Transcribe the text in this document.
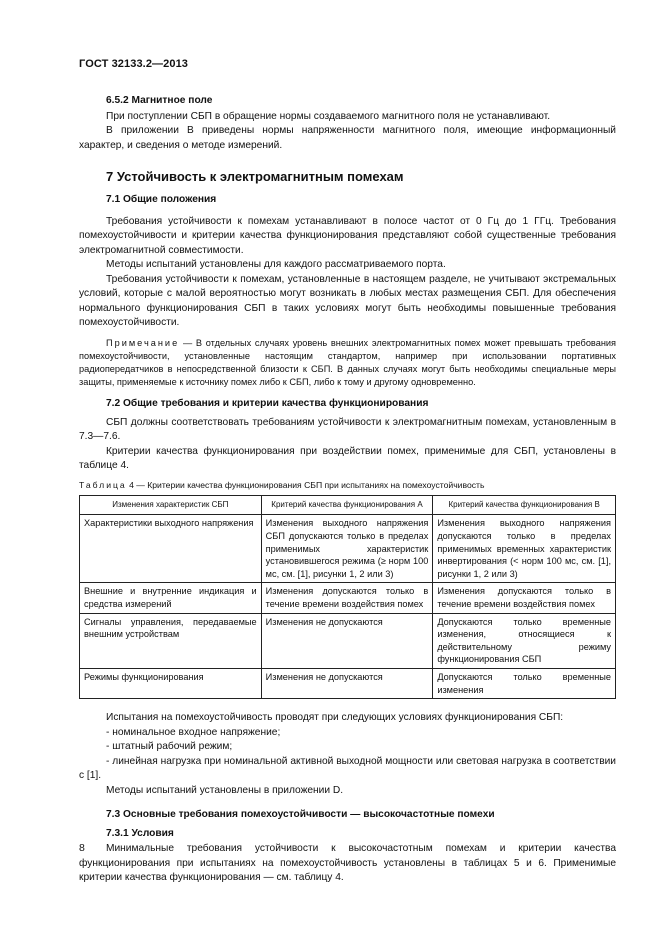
ГОСТ 32133.2—2013
6.5.2 Магнитное поле

При поступлении СБП в обращение нормы создаваемого магнитного поля не устанавливают.

В приложении В приведены нормы напряженности магнитного поля, имеющие информационный характер, и сведения о методе измерений.

7 Устойчивость к электромагнитным помехам
7.1 Общие положения

Требования устойчивости к помехам устанавливают в полосе частот от 0 Гц до 1 ГГц. Требования помехоустойчивости и критерии качества функционирования представляют собой существенные требования электромагнитной совместимости.

Методы испытаний установлены для каждого рассматриваемого порта.

Требования устойчивости к помехам, установленные в настоящем разделе, не учитывают экстремальных условий, которые с малой вероятностью могут возникать в любых местах размещения СБП. Для обеспечения нормального функционирования СБП в таких условиях могут быть необходимы повышенные требования помехоустойчивости.

Примечание — В отдельных случаях уровень внешних электромагнитных помех может превышать требования помехоустойчивости, установленные настоящим стандартом, например при использовании портативных радиопередатчиков в непосредственной близости к СБП. В данных случаях могут быть необходимы специальные меры защиты, применяемые к источнику помех либо к СБП, либо к тому и другому одновременно.

7.2 Общие требования и критерии качества функционирования

СБП должны соответствовать требованиям устойчивости к электромагнитным помехам, установленным в 7.3—7.6.

Критерии качества функционирования при воздействии помех, применимые для СБП, установлены в таблице 4.

Таблица 4 — Критерии качества функционирования СБП при испытаниях на помехоустойчивость
Изменения характеристик СБП	Критерий качества функционирования А	Критерий качества функционирования В
Характеристики выходного напряжения	Изменения выходного напряжения СБП допускаются только в пределах применимых характеристик установившегося режима (≥ норм 100 мс, см. [1], рисунки 1, 2 или 3)	Изменения выходного напряжения допускаются только в пределах применимых временных характеристик инвертирования (< норм 100 мс, см. [1], рисунки 1, 2 или 3)
Внешние и внутренние индикация и средства измерений	Изменения допускаются только в течение времени воздействия помех	Изменения допускаются только в течение времени воздействия помех
Сигналы управления, передаваемые внешним устройствам	Изменения не допускаются	Допускаются только временные изменения, относящиеся к действительному режиму функционирования СБП
Режимы функционирования	Изменения не допускаются	Допускаются только временные изменения

Испытания на помехоустойчивость проводят при следующих условиях функционирования СБП:

- номинальное входное напряжение;

- штатный рабочий режим;

- линейная нагрузка при номинальной активной выходной мощности или световая нагрузка в соответствии с [1].

Методы испытаний установлены в приложении D.

7.3 Основные требования помехоустойчивости — высокочастотные помехи
7.3.1 Условия

Минимальные требования устойчивости к высокочастотным помехам и критерии качества функционирования при испытаниях на помехоустойчивость установлены в таблицах 5 и 6. Применимые критерии качества функционирования — см. таблицу 4.

8
